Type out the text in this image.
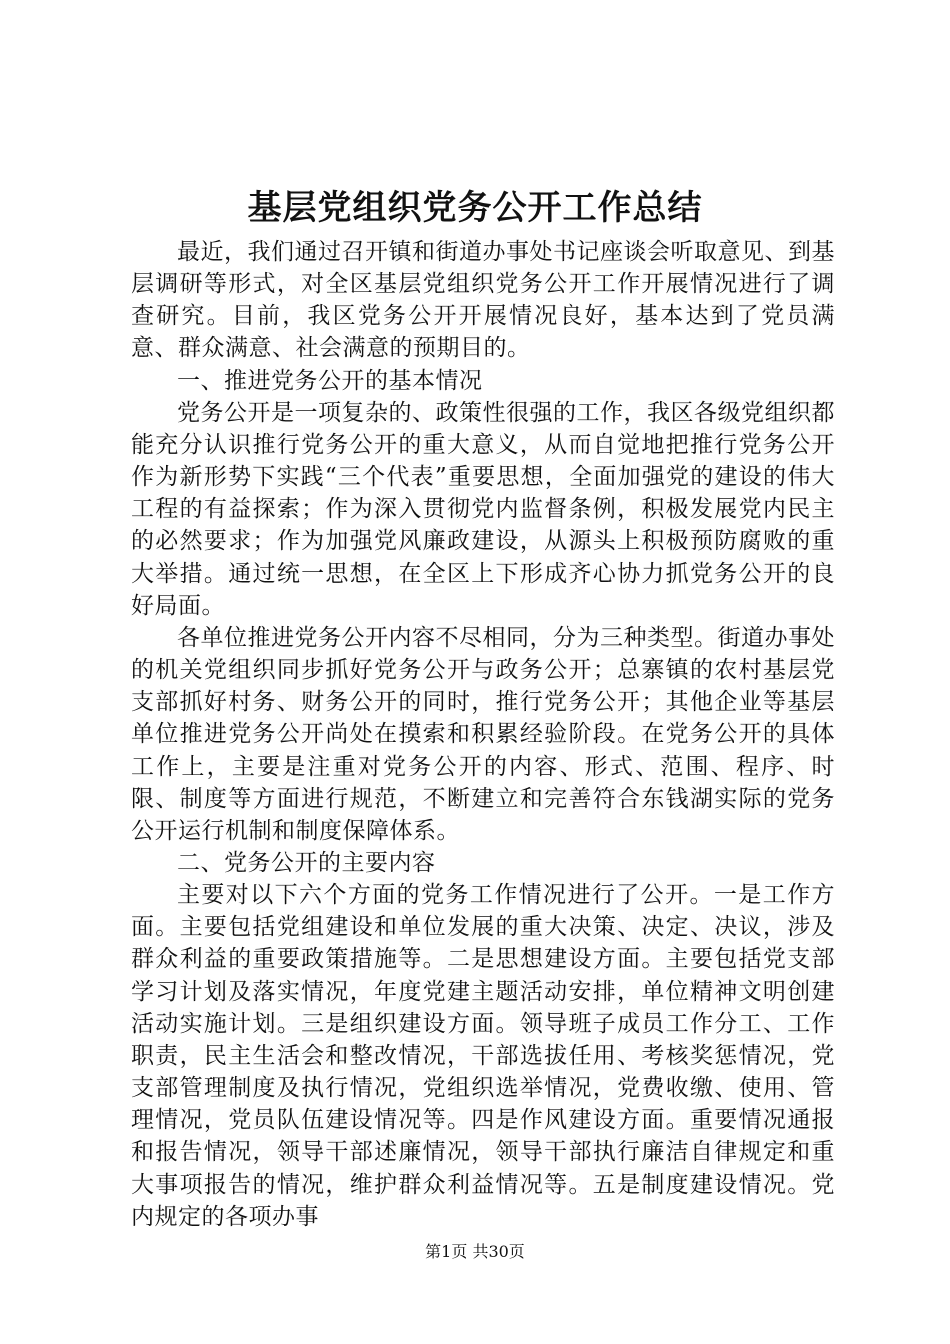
基层党组织党务公开工作总结

最近，我们通过召开镇和街道办事处书记座谈会听取意见、到基层调研等形式，对全区基层党组织党务公开工作开展情况进行了调查研究。目前，我区党务公开开展情况良好，基本达到了党员满意、群众满意、社会满意的预期目的。

一、推进党务公开的基本情况

党务公开是一项复杂的、政策性很强的工作，我区各级党组织都能充分认识推行党务公开的重大意义，从而自觉地把推行党务公开作为新形势下实践“三个代表”重要思想，全面加强党的建设的伟大工程的有益探索；作为深入贯彻党内监督条例，积极发展党内民主的必然要求；作为加强党风廉政建设，从源头上积极预防腐败的重大举措。通过统一思想，在全区上下形成齐心协力抓党务公开的良好局面。

各单位推进党务公开内容不尽相同，分为三种类型。街道办事处的机关党组织同步抓好党务公开与政务公开；总寨镇的农村基层党支部抓好村务、财务公开的同时，推行党务公开；其他企业等基层单位推进党务公开尚处在摸索和积累经验阶段。在党务公开的具体工作上，主要是注重对党务公开的内容、形式、范围、程序、时限、制度等方面进行规范，不断建立和完善符合东钱湖实际的党务公开运行机制和制度保障体系。

二、党务公开的主要内容

主要对以下六个方面的党务工作情况进行了公开。一是工作方面。主要包括党组建设和单位发展的重大决策、决定、决议，涉及群众利益的重要政策措施等。二是思想建设方面。主要包括党支部学习计划及落实情况，年度党建主题活动安排，单位精神文明创建活动实施计划。三是组织建设方面。领导班子成员工作分工、工作职责，民主生活会和整改情况，干部选拔任用、考核奖惩情况，党支部管理制度及执行情况，党组织选举情况，党费收缴、使用、管理情况，党员队伍建设情况等。四是作风建设方面。重要情况通报和报告情况，领导干部述廉情况，领导干部执行廉洁自律规定和重大事项报告的情况，维护群众利益情况等。五是制度建设情况。党内规定的各项办事

第1页 共30页
